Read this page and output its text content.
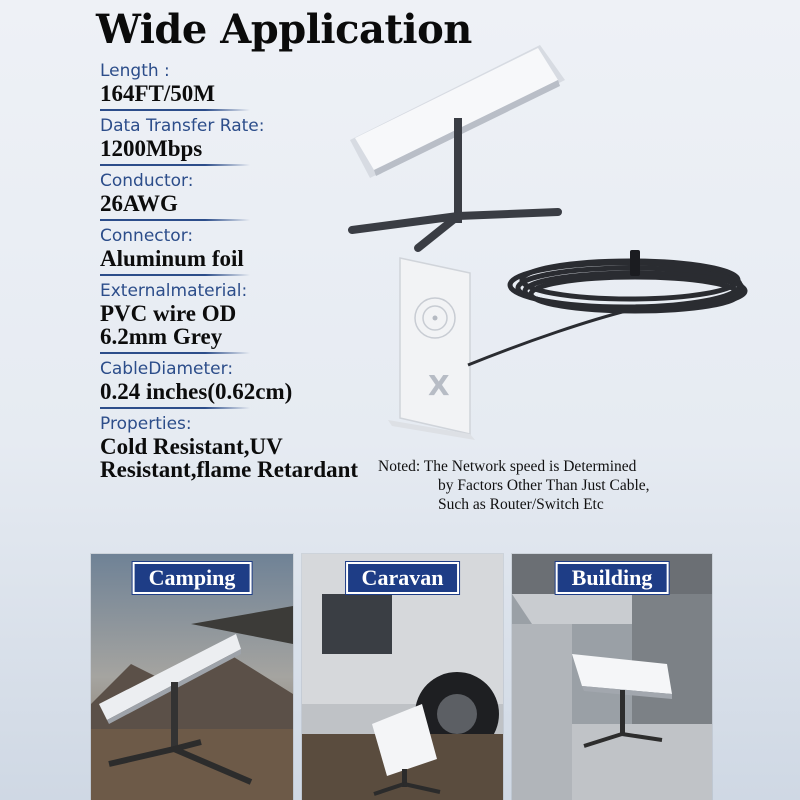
Wide Application
Length :
164FT/50M
Data Transfer Rate:
1200Mbps
Conductor:
26AWG
Connector:
Aluminum foil
Externalmaterial:
PVC wire OD
6.2mm Grey
CableDiameter:
0.24 inches(0.62cm)
Properties:
Cold Resistant,UV
Resistant,flame Retardant
X
Noted: The Network speed is Determined
by Factors Other Than Just Cable,
Such as Router/Switch Etc
Camping	Caravan	Building
